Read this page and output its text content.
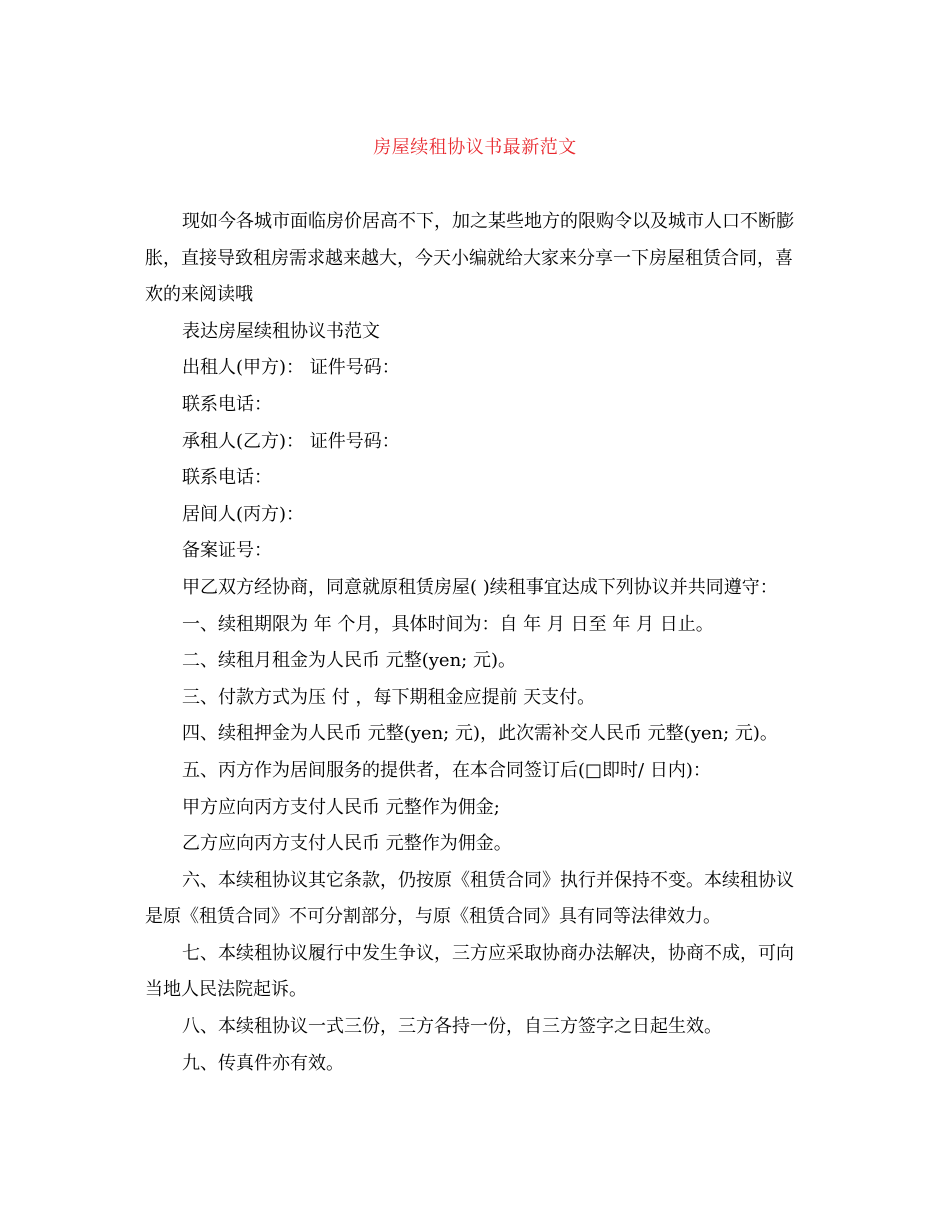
房屋续租协议书最新范文

现如今各城市面临房价居高不下，加之某些地方的限购令以及城市人口不断膨胀，直接导致租房需求越来越大，今天小编就给大家来分享一下房屋租赁合同，喜欢的来阅读哦

表达房屋续租协议书范文

出租人(甲方)： 证件号码：

联系电话：

承租人(乙方)： 证件号码：

联系电话：

居间人(丙方)：

备案证号：

甲乙双方经协商，同意就原租赁房屋( )续租事宜达成下列协议并共同遵守：

一、续租期限为 年 个月，具体时间为：自 年 月 日至 年 月 日止。

二、续租月租金为人民币 元整(yen; 元)。

三、付款方式为压 付 ，每下期租金应提前 天支付。

四、续租押金为人民币 元整(yen; 元)，此次需补交人民币 元整(yen; 元)。

五、丙方作为居间服务的提供者，在本合同签订后(□即时/ 日内)：

甲方应向丙方支付人民币 元整作为佣金;

乙方应向丙方支付人民币 元整作为佣金。

六、本续租协议其它条款，仍按原《租赁合同》执行并保持不变。本续租协议是原《租赁合同》不可分割部分，与原《租赁合同》具有同等法律效力。

七、本续租协议履行中发生争议，三方应采取协商办法解决，协商不成，可向当地人民法院起诉。

八、本续租协议一式三份，三方各持一份，自三方签字之日起生效。

九、传真件亦有效。
